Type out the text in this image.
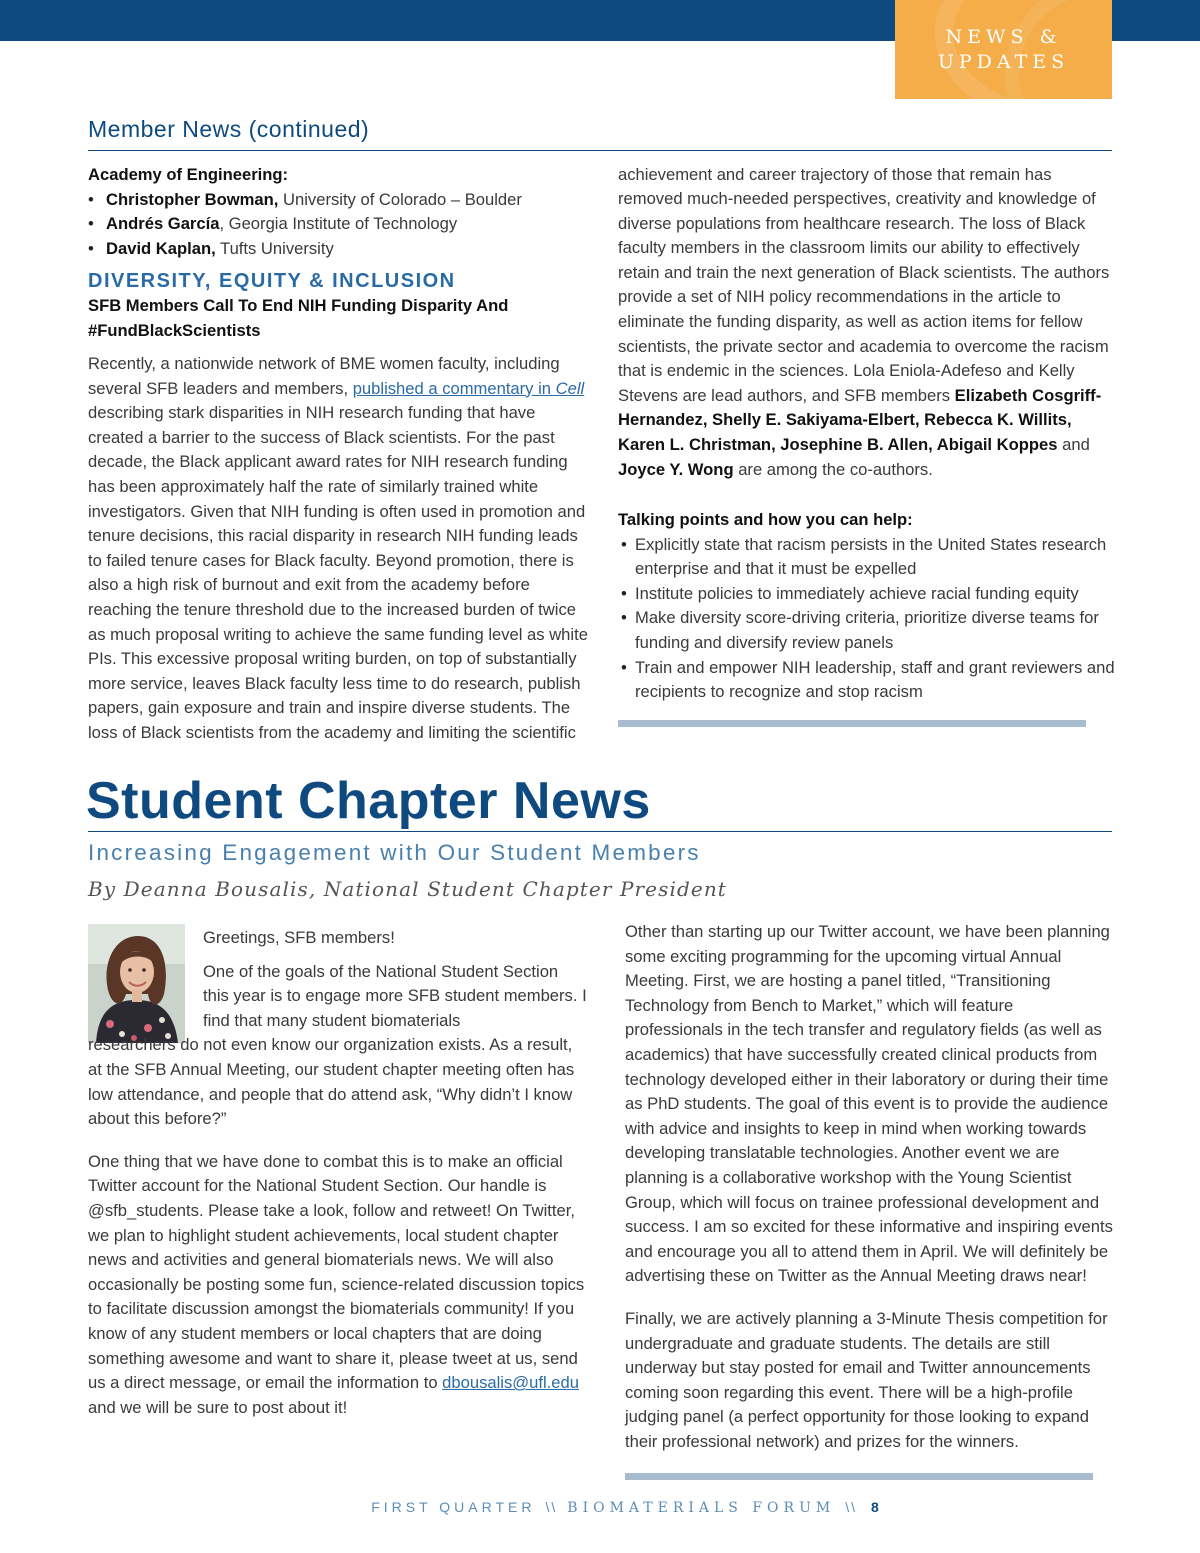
NEWS &
UPDATES
Member News (continued)

Academy of Engineering:

• Christopher Bowman, University of Colorado – Boulder
• Andrés García, Georgia Institute of Technology
• David Kaplan, Tufts University

DIVERSITY, EQUITY & INCLUSION

SFB Members Call To End NIH Funding Disparity And #FundBlackScientists

Recently, a nationwide network of BME women faculty, including several SFB leaders and members, published a commentary in Cell describing stark disparities in NIH research funding that have created a barrier to the success of Black scientists. For the past decade, the Black applicant award rates for NIH research funding has been approximately half the rate of similarly trained white investigators. Given that NIH funding is often used in promotion and tenure decisions, this racial disparity in research NIH funding leads to failed tenure cases for Black faculty. Beyond promotion, there is also a high risk of burnout and exit from the academy before reaching the tenure threshold due to the increased burden of twice as much proposal writing to achieve the same funding level as white PIs. This excessive proposal writing burden, on top of substantially more service, leaves Black faculty less time to do research, publish papers, gain exposure and train and inspire diverse students. The loss of Black scientists from the academy and limiting the scientific

achievement and career trajectory of those that remain has removed much-needed perspectives, creativity and knowledge of diverse populations from healthcare research. The loss of Black faculty members in the classroom limits our ability to effectively retain and train the next generation of Black scientists. The authors provide a set of NIH policy recommendations in the article to eliminate the funding disparity, as well as action items for fellow scientists, the private sector and academia to overcome the racism that is endemic in the sciences. Lola Eniola-Adefeso and Kelly Stevens are lead authors, and SFB members Elizabeth Cosgriff-Hernandez, Shelly E. Sakiyama-Elbert, Rebecca K. Willits, Karen L. Christman, Josephine B. Allen, Abigail Koppes and Joyce Y. Wong are among the co-authors.

Talking points and how you can help:

• Explicitly state that racism persists in the United States research enterprise and that it must be expelled
• Institute policies to immediately achieve racial funding equity
• Make diversity score-driving criteria, prioritize diverse teams for funding and diversify review panels
• Train and empower NIH leadership, staff and grant reviewers and recipients to recognize and stop racism
Student Chapter News
Increasing Engagement with Our Student Members
By Deanna Bousalis, National Student Chapter President

Greetings, SFB members!

One of the goals of the National Student Section this year is to engage more SFB student members. I find that many student biomaterials

researchers do not even know our organization exists. As a result, at the SFB Annual Meeting, our student chapter meeting often has low attendance, and people that do attend ask, “Why didn’t I know about this before?”

One thing that we have done to combat this is to make an official Twitter account for the National Student Section. Our handle is @sfb_students. Please take a look, follow and retweet! On Twitter, we plan to highlight student achievements, local student chapter news and activities and general biomaterials news. We will also occasionally be posting some fun, science-related discussion topics to facilitate discussion amongst the biomaterials community! If you know of any student members or local chapters that are doing something awesome and want to share it, please tweet at us, send us a direct message, or email the information to dbousalis@ufl.edu and we will be sure to post about it!

Other than starting up our Twitter account, we have been planning some exciting programming for the upcoming virtual Annual Meeting. First, we are hosting a panel titled, “Transitioning Technology from Bench to Market,” which will feature professionals in the tech transfer and regulatory fields (as well as academics) that have successfully created clinical products from technology developed either in their laboratory or during their time as PhD students. The goal of this event is to provide the audience with advice and insights to keep in mind when working towards developing translatable technologies. Another event we are planning is a collaborative workshop with the Young Scientist Group, which will focus on trainee professional development and success. I am so excited for these informative and inspiring events and encourage you all to attend them in April. We will definitely be advertising these on Twitter as the Annual Meeting draws near!

Finally, we are actively planning a 3-Minute Thesis competition for undergraduate and graduate students. The details are still underway but stay posted for email and Twitter announcements coming soon regarding this event. There will be a high-profile judging panel (a perfect opportunity for those looking to expand their professional network) and prizes for the winners.

FIRST QUARTER \\ BIOMATERIALS FORUM \\ 8
